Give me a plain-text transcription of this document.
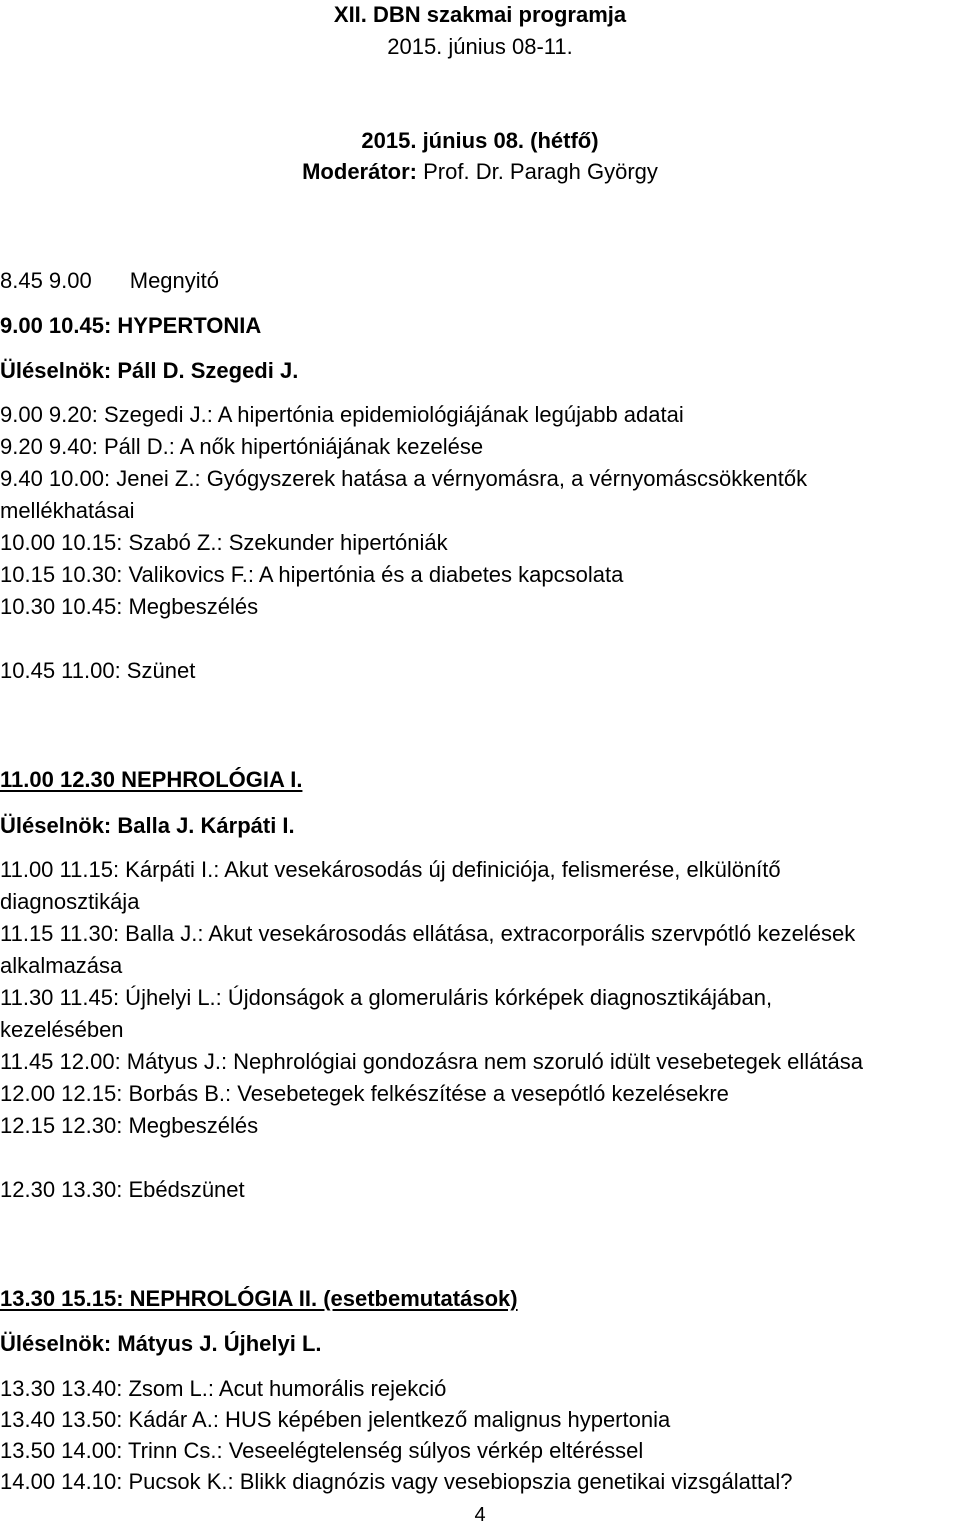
XII. DBN szakmai programja
2015. június 08-11.
2015. június 08. (hétfő)
Moderátor: Prof. Dr. Paragh György
8.45 9.00 Megnyitó
9.00 10.45: HYPERTONIA
Üléselnök: Páll D. Szegedi J.
9.00 9.20: Szegedi J.: A hipertónia epidemiológiájának legújabb adatai
9.20 9.40: Páll D.: A nők hipertóniájának kezelése
9.40 10.00: Jenei Z.: Gyógyszerek hatása a vérnyomásra, a vérnyomáscsökkentők
mellékhatásai
10.00 10.15: Szabó Z.: Szekunder hipertóniák
10.15 10.30: Valikovics F.: A hipertónia és a diabetes kapcsolata
10.30 10.45: Megbeszélés
10.45 11.00: Szünet
11.00 12.30 NEPHROLÓGIA I.
Üléselnök: Balla J. Kárpáti I.
11.00 11.15: Kárpáti I.: Akut vesekárosodás új definiciója, felismerése, elkülönítő
diagnosztikája
11.15 11.30: Balla J.: Akut vesekárosodás ellátása, extracorporális szervpótló kezelések
alkalmazása
11.30 11.45: Újhelyi L.: Újdonságok a glomeruláris kórképek diagnosztikájában,
kezelésében
11.45 12.00: Mátyus J.: Nephrológiai gondozásra nem szoruló idült vesebetegek ellátása
12.00 12.15: Borbás B.: Vesebetegek felkészítése a vesepótló kezelésekre
12.15 12.30: Megbeszélés
12.30 13.30: Ebédszünet
13.30 15.15: NEPHROLÓGIA II. (esetbemutatások)
Üléselnök: Mátyus J. Újhelyi L.
13.30 13.40: Zsom L.: Acut humorális rejekció
13.40 13.50: Kádár A.: HUS képében jelentkező malignus hypertonia
13.50 14.00: Trinn Cs.: Veseelégtelenség súlyos vérkép eltéréssel
14.00 14.10: Pucsok K.: Blikk diagnózis vagy vesebiopszia genetikai vizsgálattal?
4
